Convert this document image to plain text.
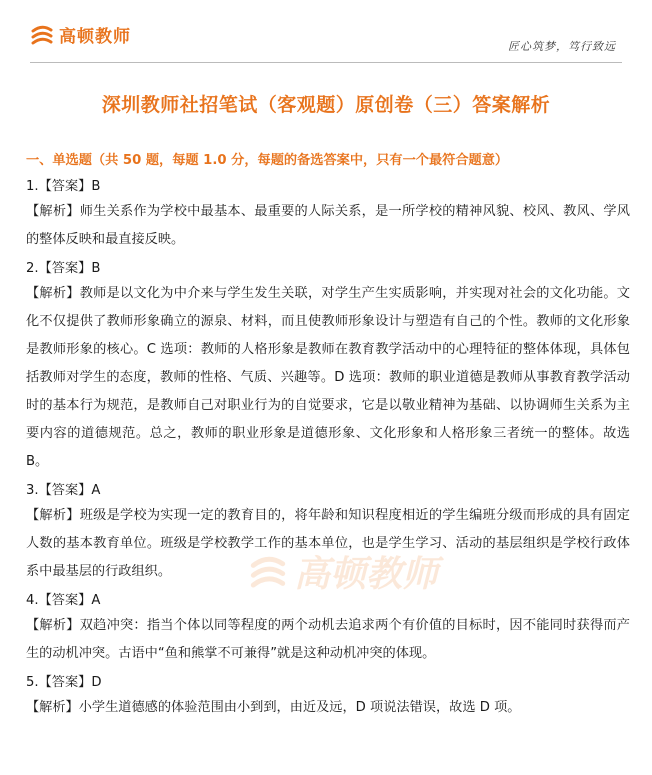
高顿教师	匠心筑梦，笃行致远
深圳教师社招笔试（客观题）原创卷（三）答案解析
一、单选题（共 50 题，每题 1.0 分，每题的备选答案中，只有一个最符合题意）
1.【答案】B
【解析】师生关系作为学校中最基本、最重要的人际关系，是一所学校的精神风貌、校风、教风、学风的整体反映和最直接反映。
2.【答案】B
【解析】教师是以文化为中介来与学生发生关联，对学生产生实质影响，并实现对社会的文化功能。文化不仅提供了教师形象确立的源泉、材料，而且使教师形象设计与塑造有自己的个性。教师的文化形象是教师形象的核心。C 选项：教师的人格形象是教师在教育教学活动中的心理特征的整体体现，具体包括教师对学生的态度，教师的性格、气质、兴趣等。D 选项：教师的职业道德是教师从事教育教学活动时的基本行为规范，是教师自己对职业行为的自觉要求，它是以敬业精神为基础、以协调师生关系为主要内容的道德规范。总之，教师的职业形象是道德形象、文化形象和人格形象三者统一的整体。故选 B。
3.【答案】A
【解析】班级是学校为实现一定的教育目的，将年龄和知识程度相近的学生编班分级而形成的具有固定人数的基本教育单位。班级是学校教学工作的基本单位，也是学生学习、活动的基层组织是学校行政体系中最基层的行政组织。
4.【答案】A
【解析】双趋冲突：指当个体以同等程度的两个动机去追求两个有价值的目标时，因不能同时获得而产生的动机冲突。古语中“鱼和熊掌不可兼得”就是这种动机冲突的体现。
5.【答案】D
【解析】小学生道德感的体验范围由小到到，由近及远，D 项说法错误，故选 D 项。
高顿教师
